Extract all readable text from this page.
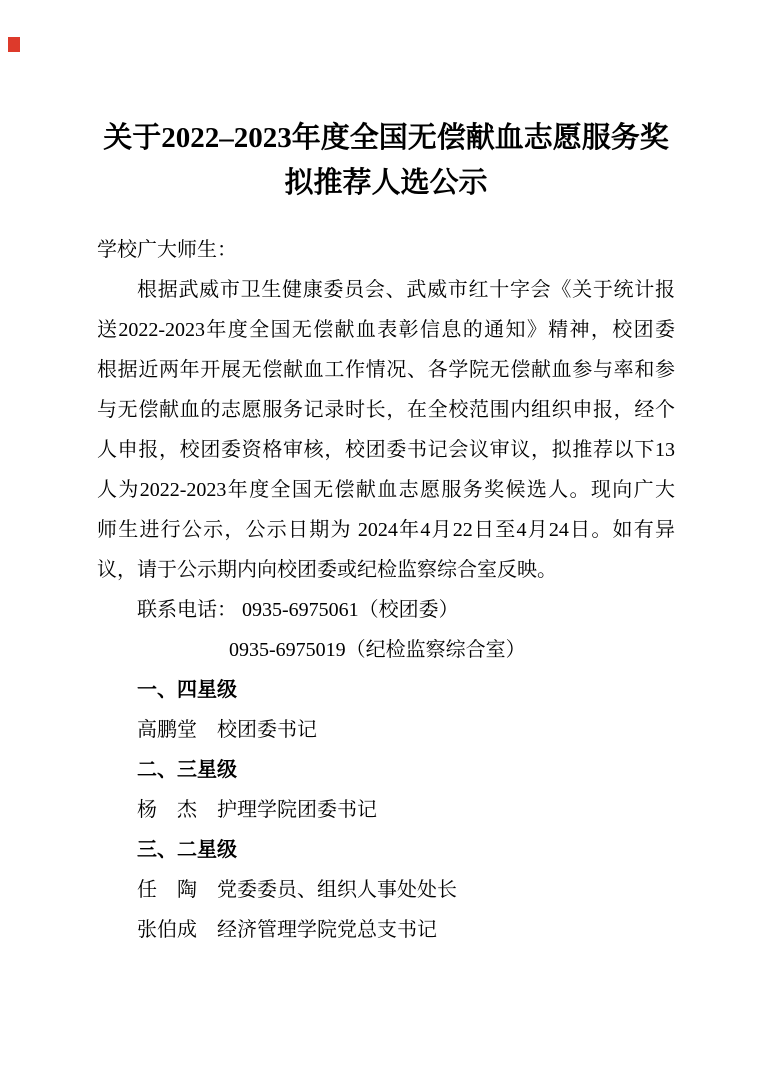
关于2022–2023年度全国无偿献血志愿服务奖
拟推荐人选公示
学校广大师生：
根据武威市卫生健康委员会、武威市红十字会《关于统计报
送2022-2023年度全国无偿献血表彰信息的通知》精神，校团委
根据近两年开展无偿献血工作情况、各学院无偿献血参与率和参
与无偿献血的志愿服务记录时长，在全校范围内组织申报，经个
人申报，校团委资格审核，校团委书记会议审议，拟推荐以下13
人为2022-2023年度全国无偿献血志愿服务奖候选人。现向广大
师生进行公示，公示日期为 2024年4月22日至4月24日。如有异
议，请于公示期内向校团委或纪检监察综合室反映。
联系电话： 0935-6975061（校团委）
0935-6975019（纪检监察综合室）
一、四星级
高鹏堂　校团委书记
二、三星级
杨　杰　护理学院团委书记
三、二星级
任　陶　党委委员、组织人事处处长
张伯成　经济管理学院党总支书记
